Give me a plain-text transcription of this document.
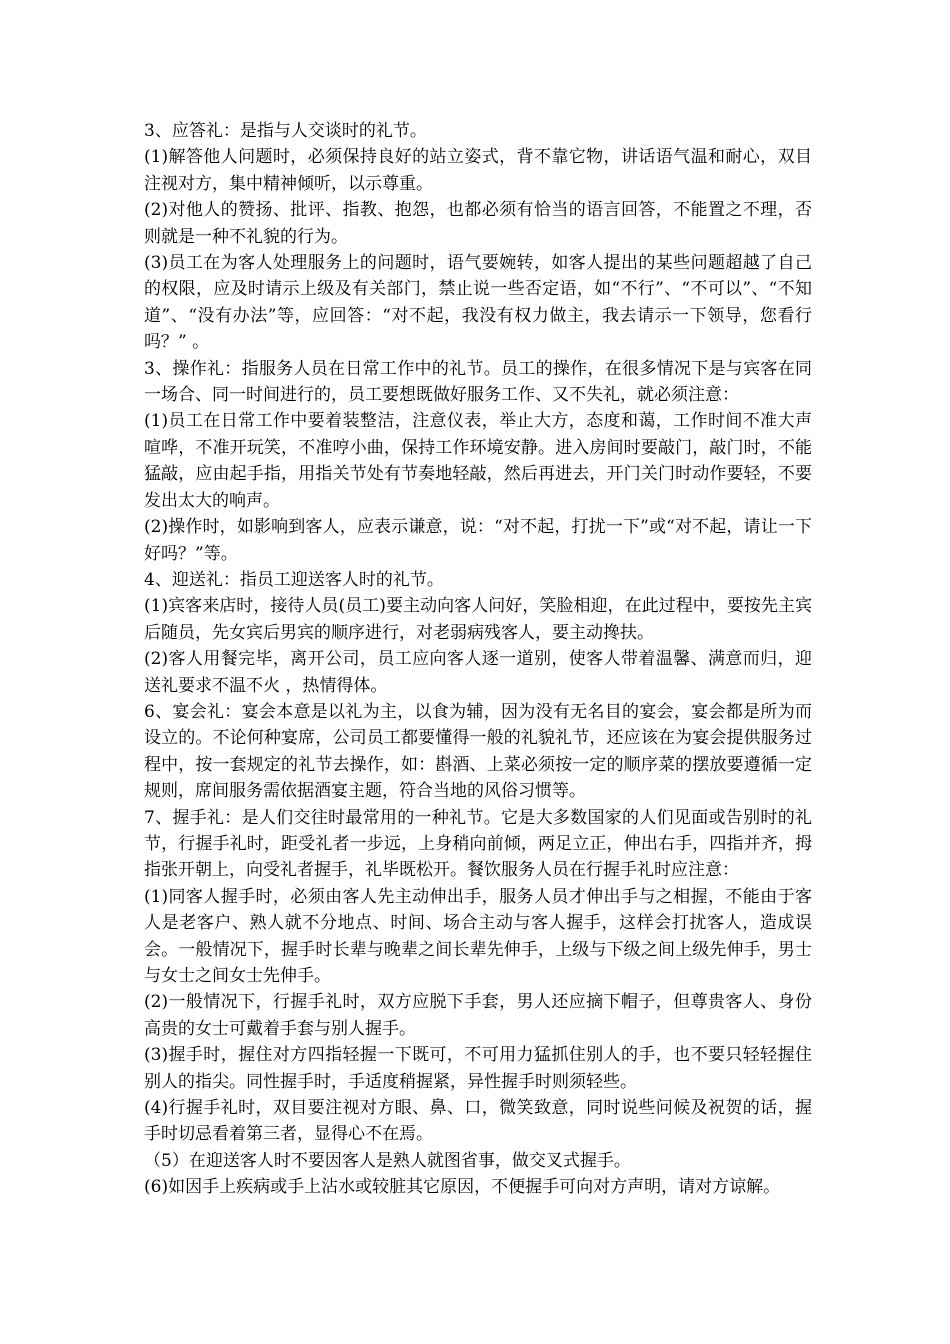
3、应答礼：是指与人交谈时的礼节。

(1)解答他人问题时，必须保持良好的站立姿式，背不靠它物，讲话语气温和耐心，双目注视对方，集中精神倾听，以示尊重。

(2)对他人的赞扬、批评、指教、抱怨，也都必须有恰当的语言回答，不能置之不理，否则就是一种不礼貌的行为。

(3)员工在为客人处理服务上的问题时，语气要婉转，如客人提出的某些问题超越了自己的权限，应及时请示上级及有关部门，禁止说一些否定语，如“不行”、“不可以”、“不知道”、“没有办法”等，应回答：“对不起，我没有权力做主，我去请示一下领导，您看行吗？” 。

3、操作礼：指服务人员在日常工作中的礼节。员工的操作，在很多情况下是与宾客在同一场合、同一时间进行的，员工要想既做好服务工作、又不失礼，就必须注意：

(1)员工在日常工作中要着装整洁，注意仪表，举止大方，态度和蔼，工作时间不准大声喧哗，不准开玩笑，不准哼小曲，保持工作环境安静。进入房间时要敲门，敲门时，不能猛敲，应由起手指，用指关节处有节奏地轻敲，然后再进去，开门关门时动作要轻，不要发出太大的响声。

(2)操作时，如影响到客人，应表示谦意，说：“对不起，打扰一下”或“对不起，请让一下好吗？”等。

4、迎送礼：指员工迎送客人时的礼节。

(1)宾客来店时，接待人员(员工)要主动向客人问好，笑脸相迎，在此过程中，要按先主宾后随员，先女宾后男宾的顺序进行，对老弱病残客人，要主动搀扶。

(2)客人用餐完毕，离开公司，员工应向客人逐一道别，使客人带着温馨、满意而归，迎送礼要求不温不火 ，热情得体。

6、宴会礼：宴会本意是以礼为主，以食为辅，因为没有无名目的宴会，宴会都是所为而设立的。不论何种宴席，公司员工都要懂得一般的礼貌礼节，还应该在为宴会提供服务过程中，按一套规定的礼节去操作，如：斟酒、上菜必须按一定的顺序菜的摆放要遵循一定规则，席间服务需依据酒宴主题，符合当地的风俗习惯等。

7、握手礼：是人们交往时最常用的一种礼节。它是大多数国家的人们见面或告别时的礼节，行握手礼时，距受礼者一步远，上身稍向前倾，两足立正，伸出右手，四指并齐，拇指张开朝上，向受礼者握手，礼毕既松开。餐饮服务人员在行握手礼时应注意：

(1)同客人握手时，必须由客人先主动伸出手，服务人员才伸出手与之相握，不能由于客人是老客户、熟人就不分地点、时间、场合主动与客人握手，这样会打扰客人，造成误会。一般情况下，握手时长辈与晚辈之间长辈先伸手，上级与下级之间上级先伸手，男士与女士之间女士先伸手。

(2)一般情况下，行握手礼时，双方应脱下手套，男人还应摘下帽子，但尊贵客人、身份高贵的女士可戴着手套与别人握手。

(3)握手时，握住对方四指轻握一下既可，不可用力猛抓住别人的手，也不要只轻轻握住别人的指尖。同性握手时，手适度稍握紧，异性握手时则须轻些。

(4)行握手礼时，双目要注视对方眼、鼻、口，微笑致意，同时说些问候及祝贺的话，握手时切忌看着第三者，显得心不在焉。

（5）在迎送客人时不要因客人是熟人就图省事，做交叉式握手。

(6)如因手上疾病或手上沾水或较脏其它原因，不便握手可向对方声明，请对方谅解。
